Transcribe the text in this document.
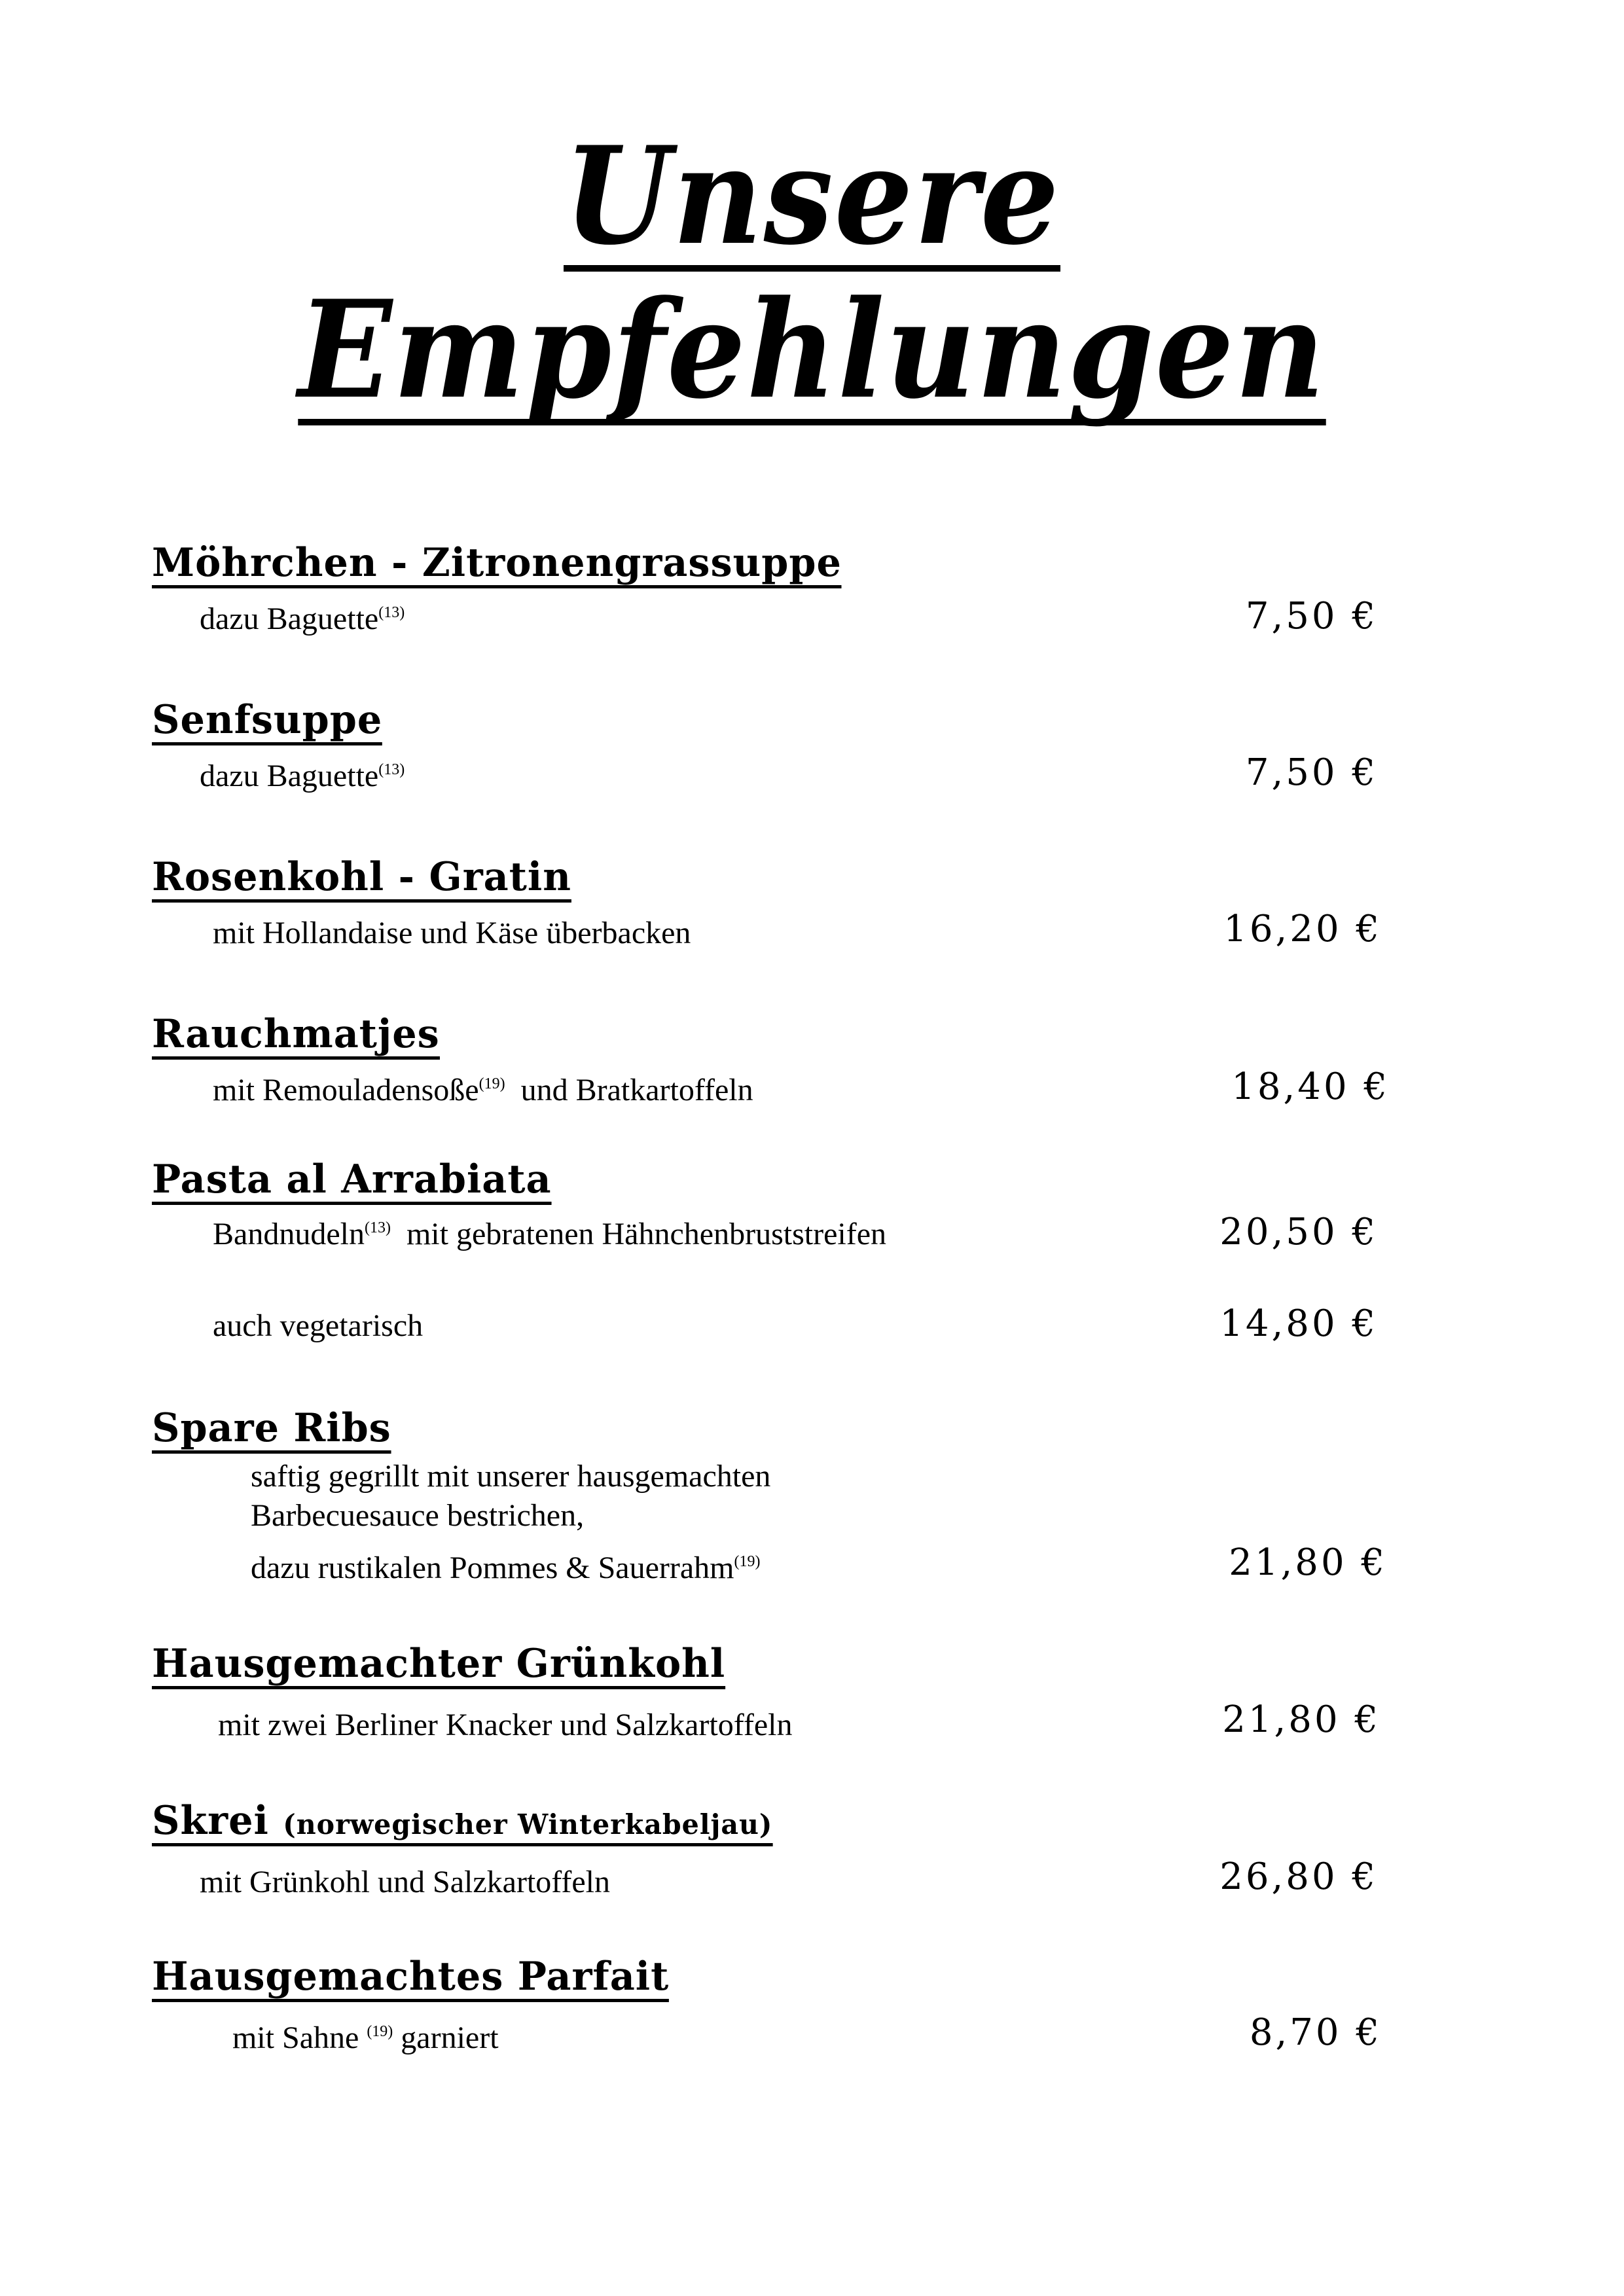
Unsere
Empfehlungen
Möhrchen - Zitronengrassuppe
dazu Baguette$^{(13)}$	7,50 €
Senfsuppe
dazu Baguette$^{(13)}$	7,50 €
Rosenkohl - Gratin
mit Hollandaise und Käse überbacken	16,20 €
Rauchmatjes
mit Remouladensoße$^{(19)}$  und Bratkartoffeln	18,40 €
Pasta al Arrabiata
Bandnudeln$^{(13)}$  mit gebratenen Hähnchenbruststreifen	20,50 €
auch vegetarisch	14,80 €
Spare Ribs
saftig gegrillt mit unserer hausgemachten
Barbecuesauce bestrichen,
dazu rustikalen Pommes & Sauerrahm$^{(19)}$	21,80 €
Hausgemachter Grünkohl
mit zwei Berliner Knacker und Salzkartoffeln	21,80 €
Skrei (norwegischer Winterkabeljau)
mit Grünkohl und Salzkartoffeln	26,80 €
Hausgemachtes Parfait
mit Sahne $^{(19)}$ garniert	8,70 €
